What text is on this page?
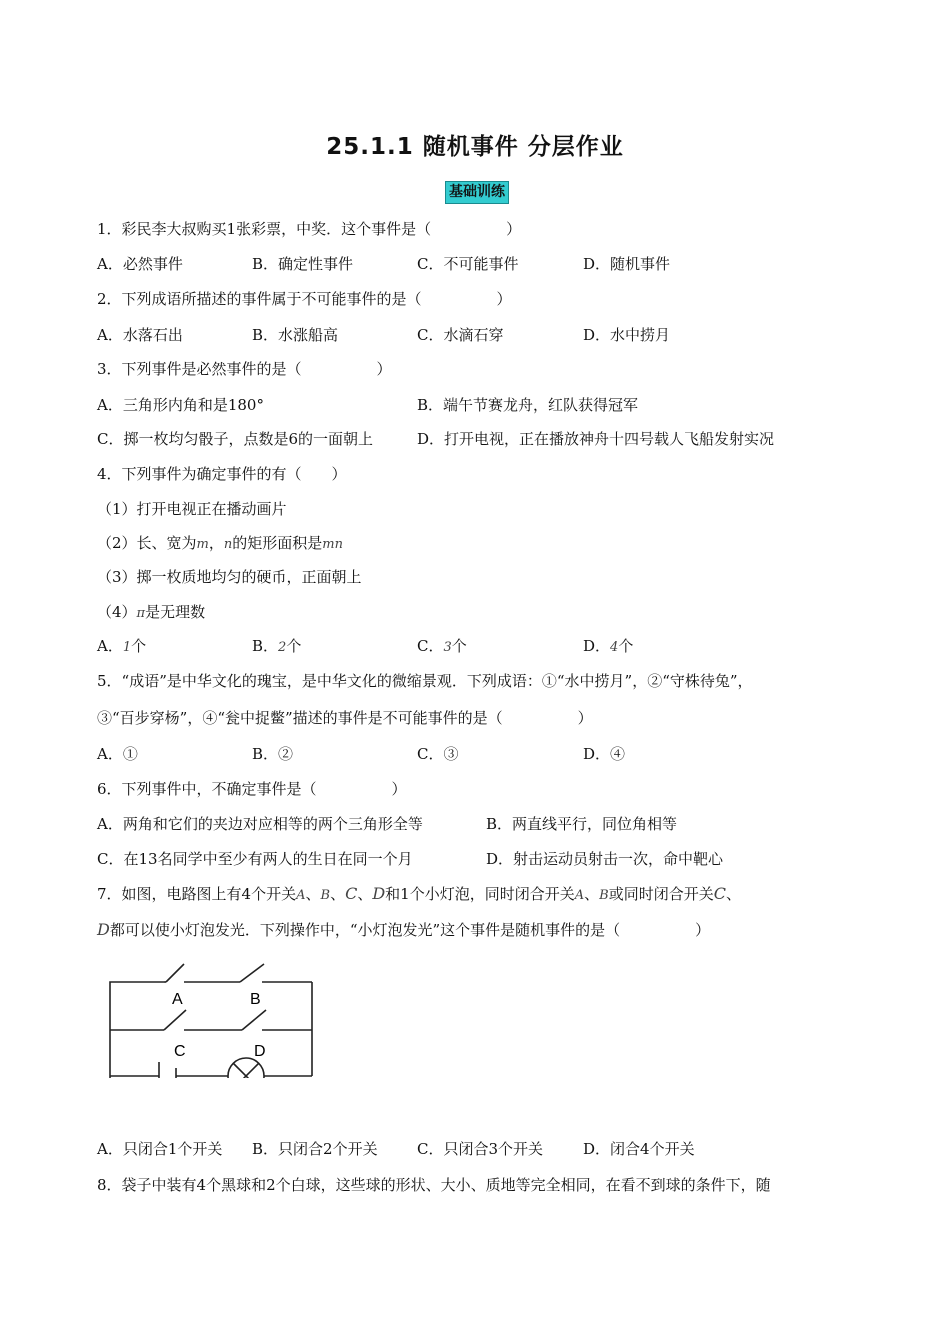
25.1.1 随机事件 分层作业
基础训练
1．彩民李大叔购买1张彩票，中奖．这个事件是（　　　　　）
A．必然事件	B．确定性事件	C．不可能事件	D．随机事件
2．下列成语所描述的事件属于不可能事件的是（　　　　　）
A．水落石出	B．水涨船高	C．水滴石穿	D．水中捞月
3．下列事件是必然事件的是（　　　　　）
A．三角形内角和是180°	B．端午节赛龙舟，红队获得冠军
C．掷一枚均匀骰子，点数是6的一面朝上	D．打开电视，正在播放神舟十四号载人飞船发射实况
4．下列事件为确定事件的有（　　）
（1）打开电视正在播动画片
（2）长、宽为m，n的矩形面积是mn
（3）掷一枚质地均匀的硬币，正面朝上
（4）π是无理数
A．1个	B．2个	C．3个	D．4个
5．“成语”是中华文化的瑰宝，是中华文化的微缩景观．下列成语：①“水中捞月”，②“守株待兔”，
③“百步穿杨”，④“瓮中捉鳖”描述的事件是不可能事件的是（　　　　　）
A．①	B．②	C．③	D．④
6．下列事件中，不确定事件是（　　　　　）
A．两角和它们的夹边对应相等的两个三角形全等	B．两直线平行，同位角相等
C．在13名同学中至少有两人的生日在同一个月	D．射击运动员射击一次，命中靶心
7．如图，电路图上有4个开关A、B、C、D和1个小灯泡，同时闭合开关A、B或同时闭合开关C、
D都可以使小灯泡发光．下列操作中，“小灯泡发光”这个事件是随机事件的是（　　　　　）
A	B
C	D
A．只闭合1个开关 B．只闭合2个开关	C．只闭合3个开关	D．闭合4个开关
8．袋子中装有4个黑球和2个白球，这些球的形状、大小、质地等完全相同，在看不到球的条件下，随
